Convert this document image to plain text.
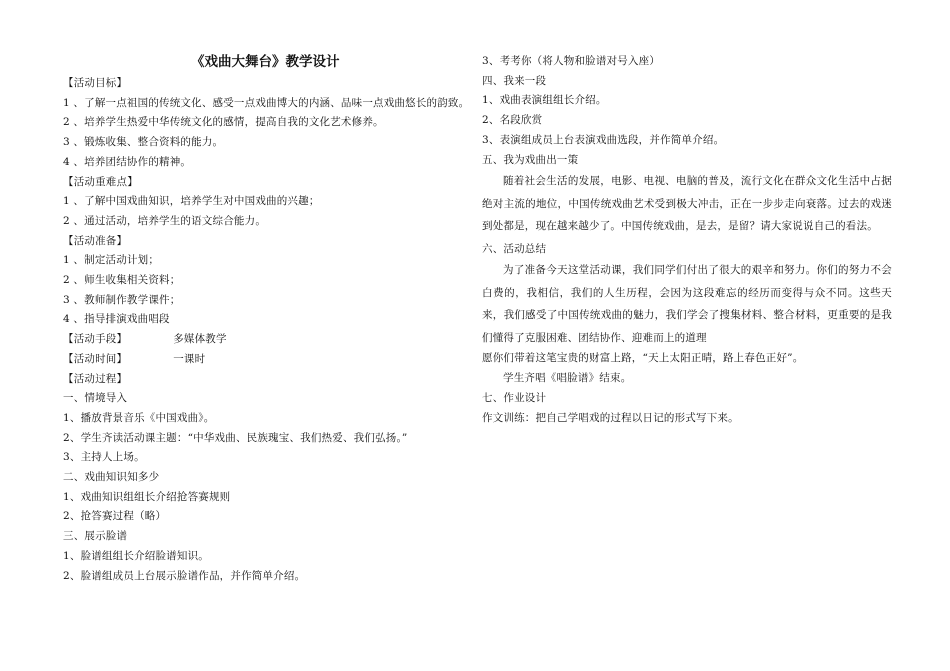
《戏曲大舞台》教学设计
【活动目标】
1 、了解一点祖国的传统文化、感受一点戏曲博大的内涵、品味一点戏曲悠长的韵致。
2 、培养学生热爱中华传统文化的感情，提高自我的文化艺术修养。
3 、锻炼收集、整合资料的能力。
4 、培养团结协作的精神。
【活动重难点】
1 、了解中国戏曲知识，培养学生对中国戏曲的兴趣；
2 、通过活动，培养学生的语文综合能力。
【活动准备】
1 、制定活动计划；
2 、师生收集相关资料；
3 、教师制作教学课件；
4 、指导排演戏曲唱段
【活动手段】	多媒体教学
【活动时间】	一课时
【活动过程】
一、情境导入
1、播放背景音乐《中国戏曲》。
2、学生齐读活动课主题：“中华戏曲、民族瑰宝、我们热爱、我们弘扬。”
3、主持人上场。
二、戏曲知识知多少
1、戏曲知识组组长介绍抢答赛规则
2、抢答赛过程（略）
三、展示脸谱
1、脸谱组组长介绍脸谱知识。
2、脸谱组成员上台展示脸谱作品，并作简单介绍。
3、考考你（将人物和脸谱对号入座）
四、我来一段
1、戏曲表演组组长介绍。
2、名段欣赏
3、表演组成员上台表演戏曲选段，并作简单介绍。
五、我为戏曲出一策
随着社会生活的发展，电影、电视、电脑的普及，流行文化在群众文化生活中占据绝对主流的地位，中国传统戏曲艺术受到极大冲击，正在一步步走向衰落。过去的戏迷到处都是，现在越来越少了。中国传统戏曲，是去，是留？请大家说说自己的看法。
六、活动总结
为了准备今天这堂活动课，我们同学们付出了很大的艰辛和努力。你们的努力不会白费的，我相信，我们的人生历程，会因为这段难忘的经历而变得与众不同。这些天来，我们感受了中国传统戏曲的魅力，我们学会了搜集材料、整合材料，更重要的是我们懂得了克服困难、团结协作、迎难而上的道理
愿你们带着这笔宝贵的财富上路，“天上太阳正晴，路上春色正好”。
学生齐唱《唱脸谱》结束。
七、作业设计
作文训练：把自己学唱戏的过程以日记的形式写下来。
